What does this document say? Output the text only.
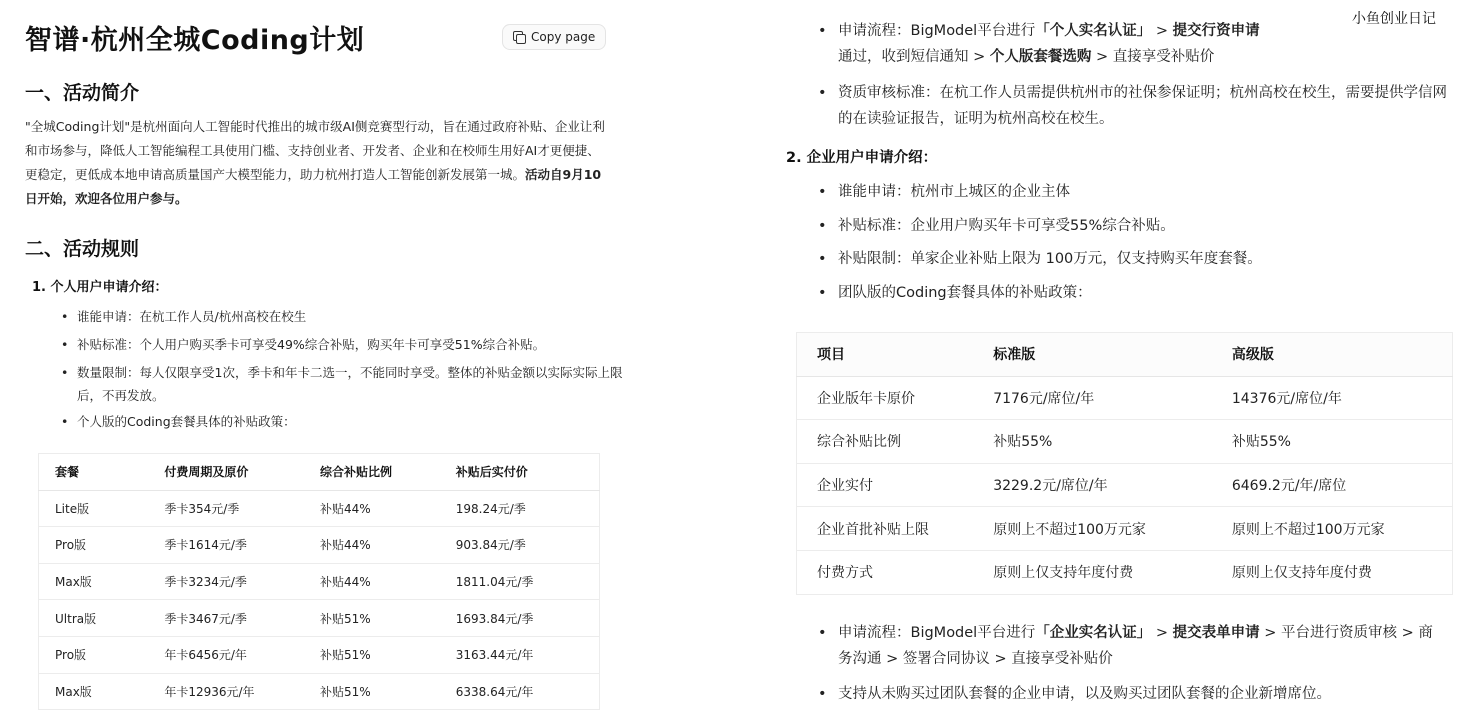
智谱·杭州全城Coding计划	Copy page
一、活动简介
"全城Coding计划"是杭州面向人工智能时代推出的城市级AI侧竞赛型行动，旨在通过政府补贴、企业让利和市场参与，降低人工智能编程工具使用门槛、支持创业者、开发者、企业和在校师生用好AI才更便捷、更稳定，更低成本地申请高质量国产大模型能力，助力杭州打造人工智能创新发展第一城。活动自9月10日开始，欢迎各位用户参与。
二、活动规则
1. 个人用户申请介绍：
• 谁能申请：在杭工作人员/杭州高校在校生
• 补贴标准：个人用户购买季卡可享受49%综合补贴，购买年卡可享受51%综合补贴。
• 数量限制：每人仅限享受1次，季卡和年卡二选一，不能同时享受。整体的补贴金额以实际实际上限后，不再发放。
• 个人版的Coding套餐具体的补贴政策：
套餐	付费周期及原价	综合补贴比例	补贴后实付价
Lite版	季卡354元/季	补贴44%	198.24元/季
Pro版	季卡1614元/季	补贴44%	903.84元/季
Max版	季卡3234元/季	补贴44%	1811.04元/季
Ultra版	季卡3467元/季	补贴51%	1693.84元/季
Pro版	年卡6456元/年	补贴51%	3163.44元/年
Max版	年卡12936元/年	补贴51%	6338.64元/年
• 申请流程：BigModel平台进行「个人实名认证」 > 提交行资申请
通过，收到短信通知 > 个人版套餐选购 > 直接享受补贴价
• 资质审核标准：在杭工作人员需提供杭州市的社保参保证明；杭州高校在校生，需要提供学信网的在读验证报告，证明为杭州高校在校生。
2. 企业用户申请介绍：
• 谁能申请：杭州市上城区的企业主体
• 补贴标准：企业用户购买年卡可享受55%综合补贴。
• 补贴限制：单家企业补贴上限为 100万元，仅支持购买年度套餐。
• 团队版的Coding套餐具体的补贴政策：
项目	标准版	高级版
企业版年卡原价	7176元/席位/年	14376元/席位/年
综合补贴比例	补贴55%	补贴55%
企业实付	3229.2元/席位/年	6469.2元/年/席位
企业首批补贴上限	原则上不超过100万元家	原则上不超过100万元家
付费方式	原则上仅支持年度付费	原则上仅支持年度付费
• 申请流程：BigModel平台进行「企业实名认证」 > 提交表单申请 > 平台进行资质审核 > 商
务沟通 > 签署合同协议 > 直接享受补贴价
• 支持从未购买过团队套餐的企业申请，以及购买过团队套餐的企业新增席位。
小鱼创业日记
